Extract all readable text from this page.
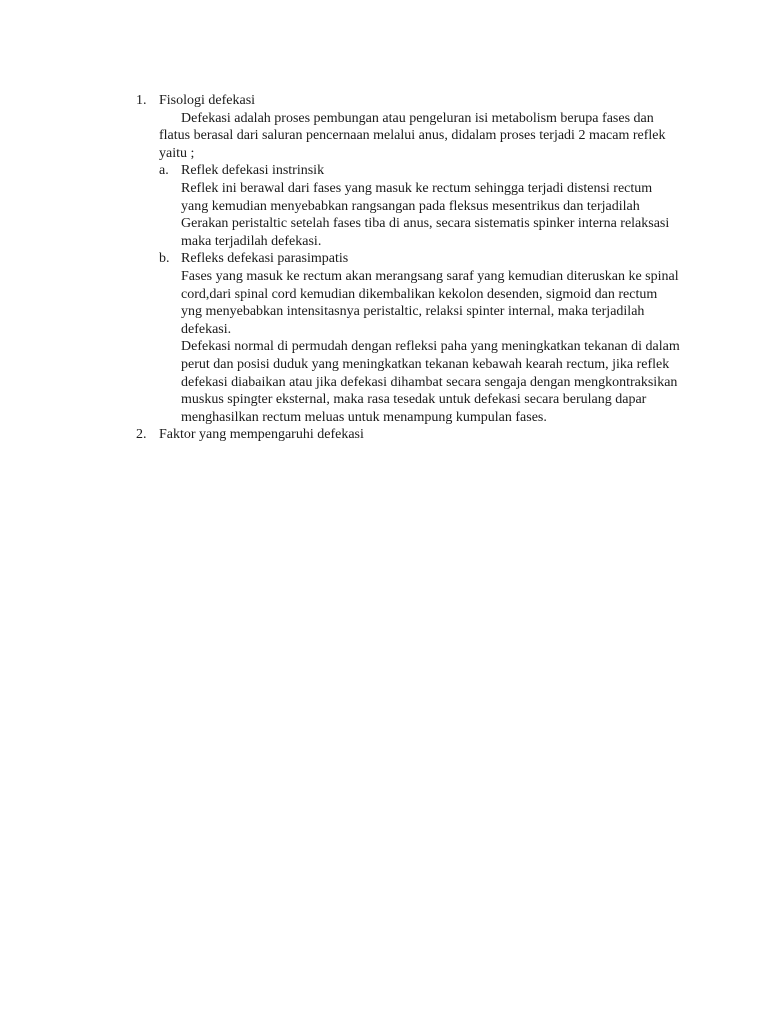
1. Fisologi defekasi

Defekasi adalah proses pembungan atau pengeluran isi metabolism berupa fases dan flatus berasal dari saluran pencernaan melalui anus, didalam proses terjadi 2 macam reflek yaitu ;

a. Reflek defekasi instrinsik

Reflek ini berawal dari fases yang masuk ke rectum sehingga terjadi distensi rectum yang kemudian menyebabkan rangsangan pada fleksus mesentrikus dan terjadilah Gerakan peristaltic setelah fases tiba di anus, secara sistematis spinker interna relaksasi maka terjadilah defekasi.

b. Refleks defekasi parasimpatis

Fases yang masuk ke rectum akan merangsang saraf yang kemudian diteruskan ke spinal cord,dari spinal cord kemudian dikembalikan kekolon desenden, sigmoid dan rectum yng menyebabkan intensitasnya peristaltic, relaksi spinter internal, maka terjadilah defekasi.

Defekasi normal di permudah dengan refleksi paha yang meningkatkan tekanan di dalam perut dan posisi duduk yang meningkatkan tekanan kebawah kearah rectum, jika reflek defekasi diabaikan atau jika defekasi dihambat secara sengaja dengan mengkontraksikan muskus spingter eksternal, maka rasa tesedak untuk defekasi secara berulang dapar menghasilkan rectum meluas untuk menampung kumpulan fases.

2. Faktor yang mempengaruhi defekasi
